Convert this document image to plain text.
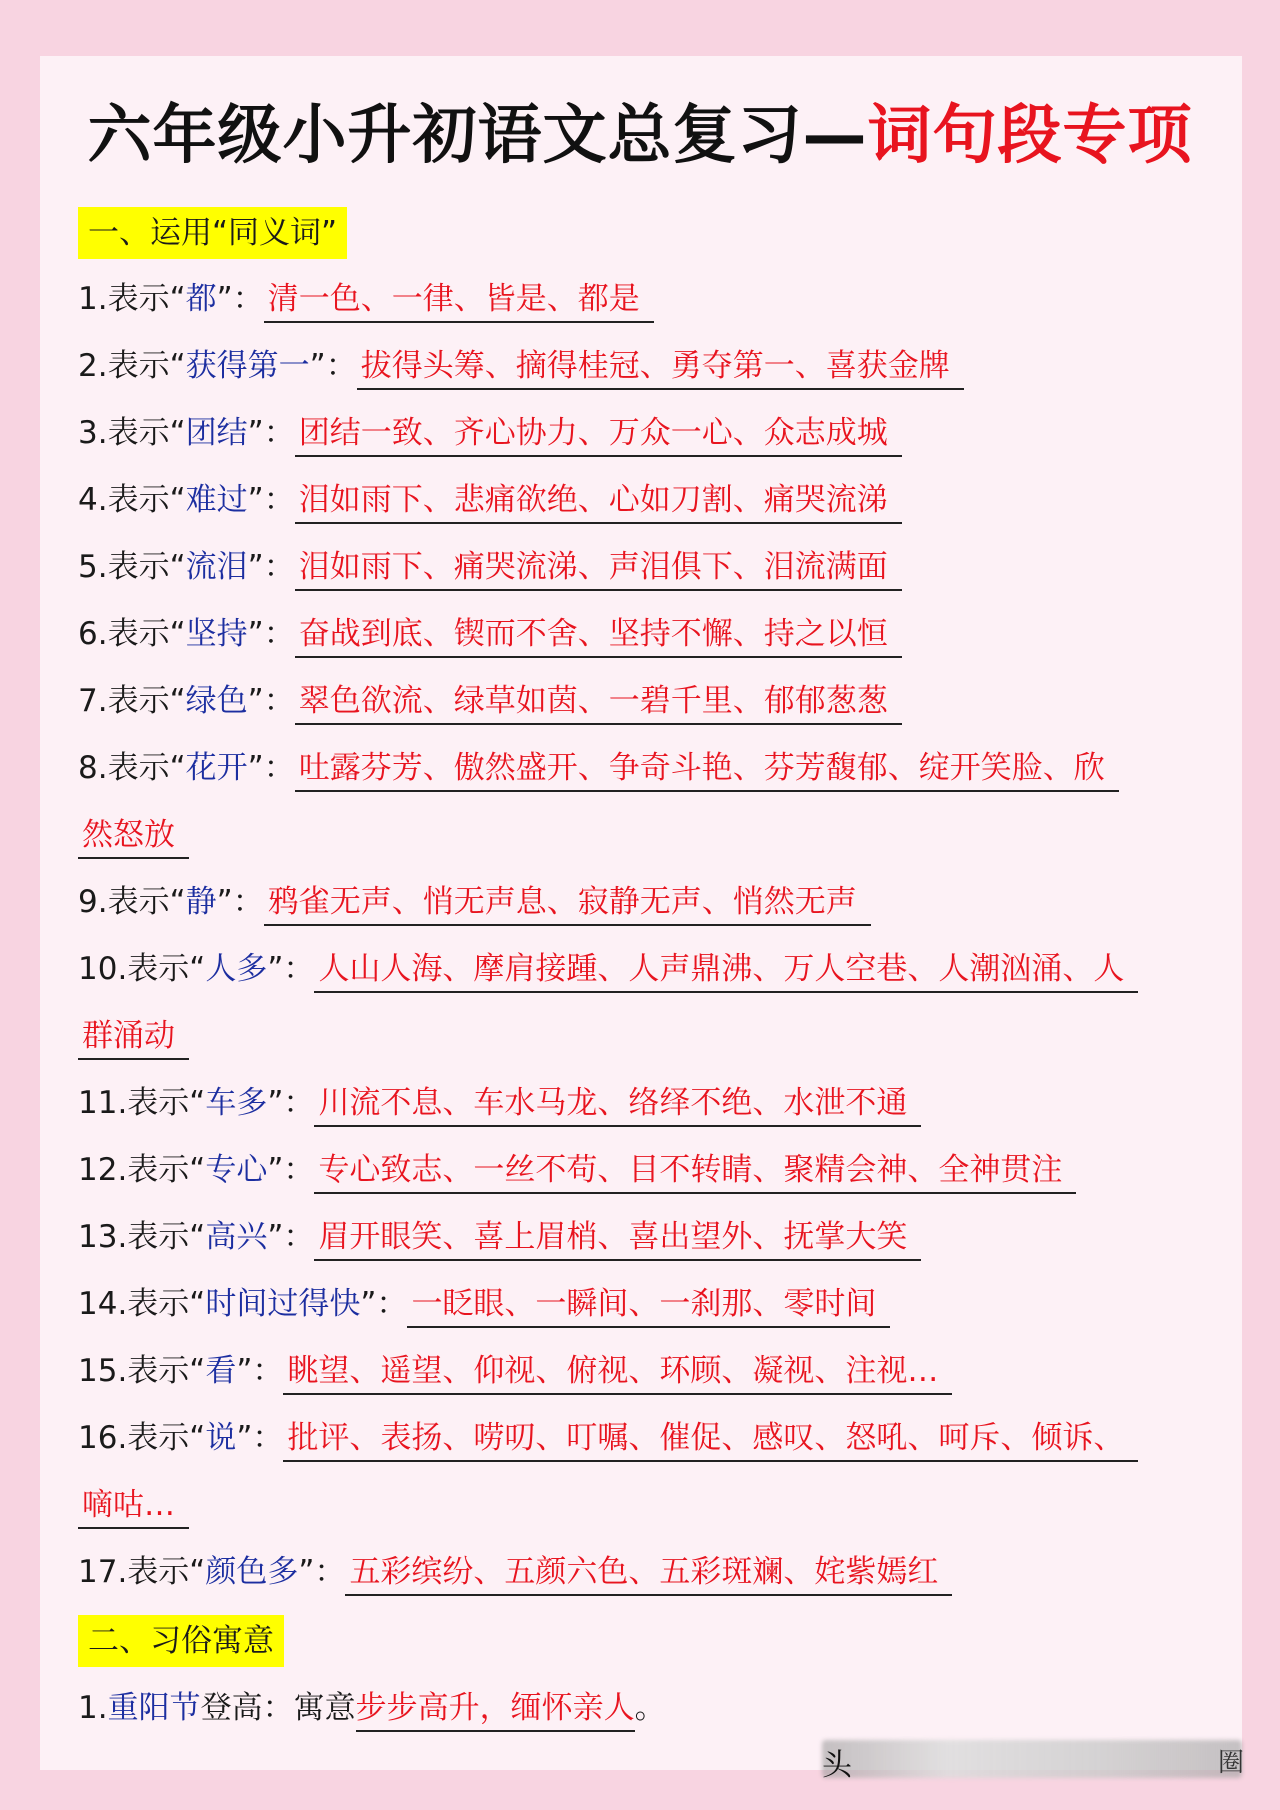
六年级小升初语文总复习—词句段专项
一、运用“同义词”
1.表示“都”： 清一色、一律、皆是、都是
2.表示“获得第一”： 拔得头筹、摘得桂冠、勇夺第一、喜获金牌
3.表示“团结”： 团结一致、齐心协力、万众一心、众志成城
4.表示“难过”： 泪如雨下、悲痛欲绝、心如刀割、痛哭流涕
5.表示“流泪”： 泪如雨下、痛哭流涕、声泪俱下、泪流满面
6.表示“坚持”： 奋战到底、锲而不舍、坚持不懈、持之以恒
7.表示“绿色”： 翠色欲流、绿草如茵、一碧千里、郁郁葱葱
8.表示“花开”： 吐露芬芳、傲然盛开、争奇斗艳、芬芳馥郁、绽开笑脸、欣
然怒放
9.表示“静”： 鸦雀无声、悄无声息、寂静无声、悄然无声
10.表示“人多”： 人山人海、摩肩接踵、人声鼎沸、万人空巷、人潮汹涌、人
群涌动
11.表示“车多”： 川流不息、车水马龙、络绎不绝、水泄不通
12.表示“专心”： 专心致志、一丝不苟、目不转睛、聚精会神、全神贯注
13.表示“高兴”： 眉开眼笑、喜上眉梢、喜出望外、抚掌大笑
14.表示“时间过得快”： 一眨眼、一瞬间、一刹那、零时间
15.表示“看”： 眺望、遥望、仰视、俯视、环顾、凝视、注视…
16.表示“说”： 批评、表扬、唠叨、叮嘱、催促、感叹、怒吼、呵斥、倾诉、
嘀咕…
17.表示“颜色多”： 五彩缤纷、五颜六色、五彩斑斓、姹紫嫣红
二、习俗寓意
1.重阳节登高：寓意步步高升，缅怀亲人。
头	圈
